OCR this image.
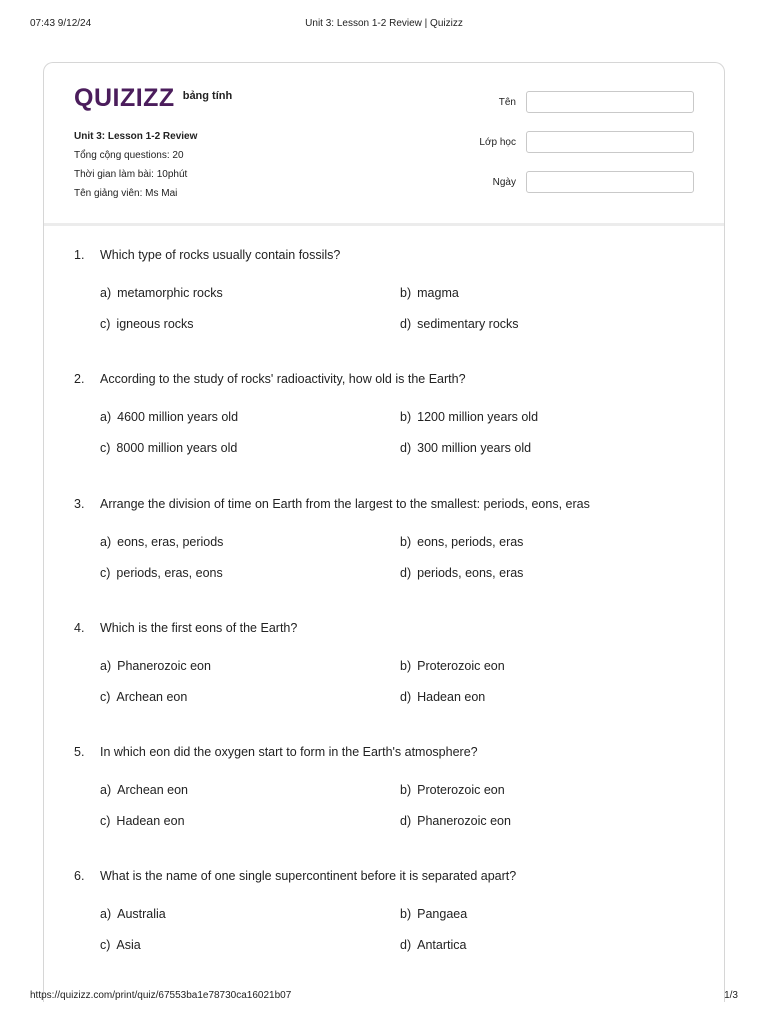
07:43 9/12/24	Unit 3: Lesson 1-2 Review | Quizizz
QUIZIZZ bảng tính
Unit 3: Lesson 1-2 Review
Tổng cộng questions: 20
Thời gian làm bài: 10phút
Tên giảng viên: Ms Mai
Tên
Lớp học
Ngày
1.	Which type of rocks usually contain fossils?
a) metamorphic rocks	b) magma
c) igneous rocks	d) sedimentary rocks
2.	According to the study of rocks' radioactivity, how old is the Earth?
a) 4600 million years old	b) 1200 million years old
c) 8000 million years old	d) 300 million years old
3.	Arrange the division of time on Earth from the largest to the smallest: periods, eons, eras
a) eons, eras, periods	b) eons, periods, eras
c) periods, eras, eons	d) periods, eons, eras
4.	Which is the first eons of the Earth?
a) Phanerozoic eon	b) Proterozoic eon
c) Archean eon	d) Hadean eon
5.	In which eon did the oxygen start to form in the Earth's atmosphere?
a) Archean eon	b) Proterozoic eon
c) Hadean eon	d) Phanerozoic eon
6.	What is the name of one single supercontinent before it is separated apart?
a) Australia	b) Pangaea
c) Asia	d) Antartica
https://quizizz.com/print/quiz/67553ba1e78730ca16021b07	1/3
